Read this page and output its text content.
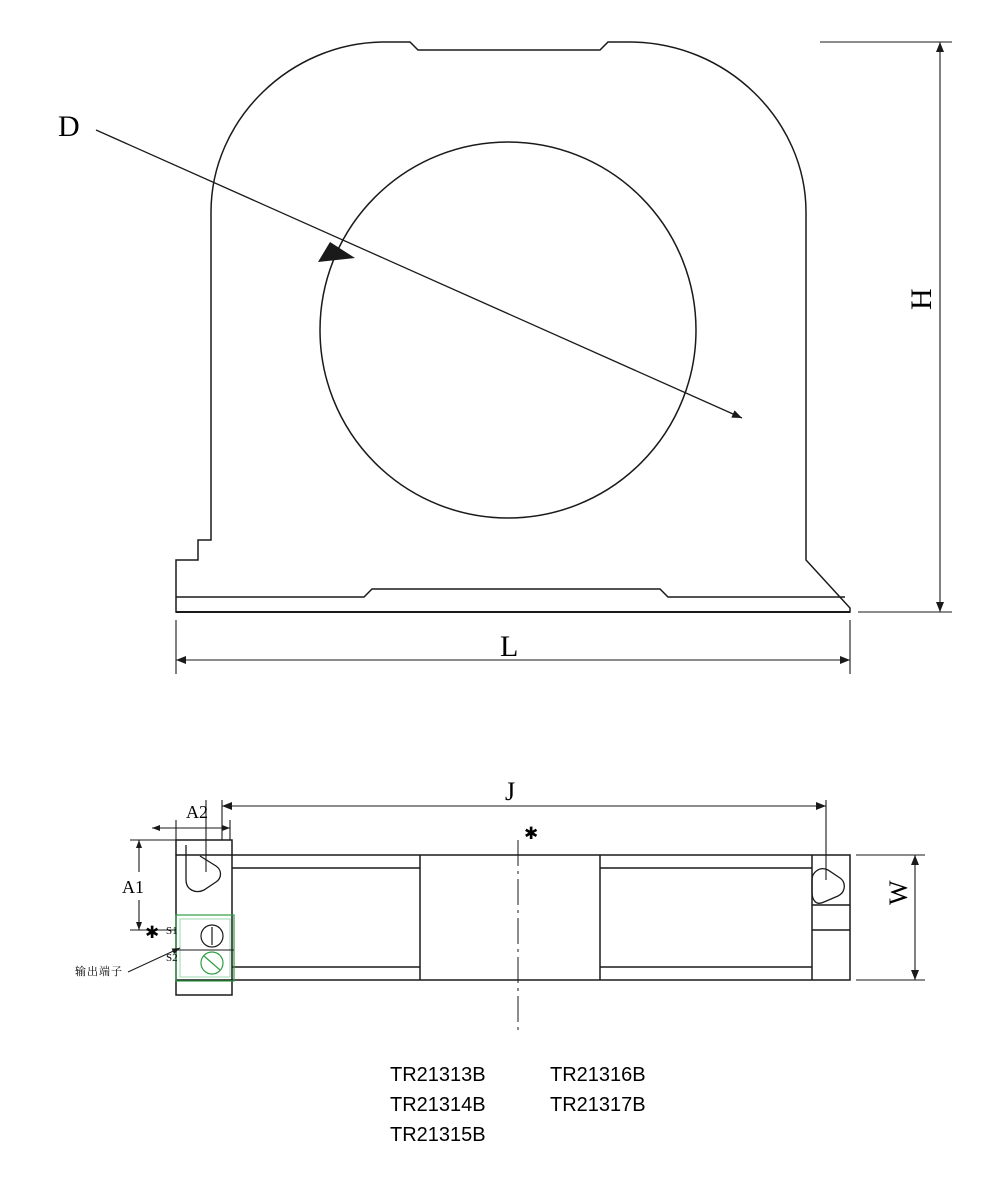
D
H
L
J
W
A1
A2
✱
✱ S1
S2
输出端子
TR21313B	TR21316B
TR21314B	TR21317B
TR21315B
